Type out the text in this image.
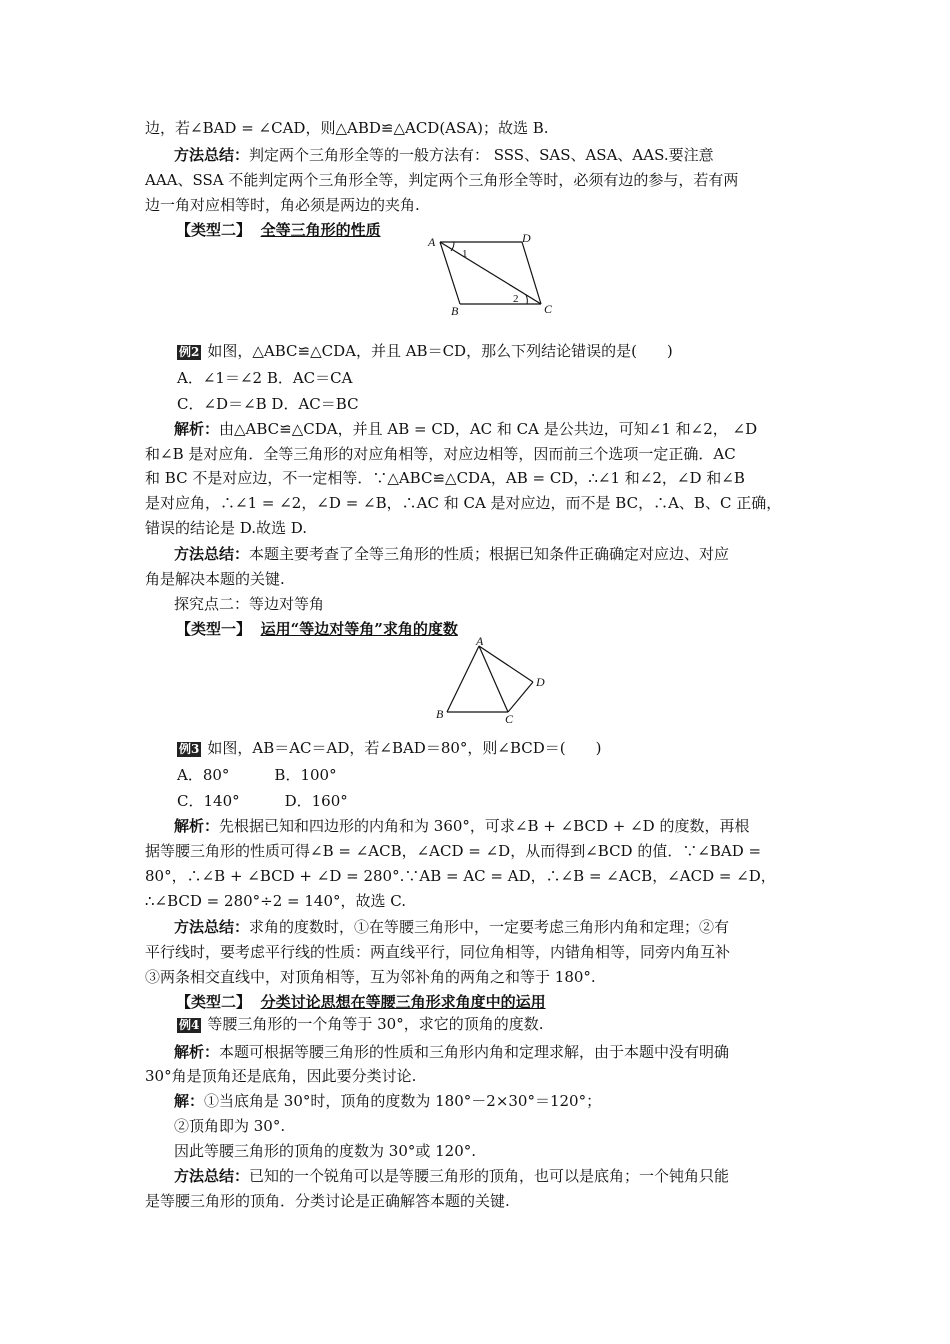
边，若∠BAD = ∠CAD，则△ABD≌△ACD(ASA)；故选 B.
方法总结：判定两个三角形全等的一般方法有： SSS、SAS、ASA、AAS.要注意
AAA、SSA 不能判定两个三角形全等，判定两个三角形全等时，必须有边的参与，若有两
边一角对应相等时，角必须是两边的夹角.
【类型二】 全等三角形的性质
A	D
B	C
1
2
例2 如图，△ABC≌△CDA，并且 AB＝CD，那么下列结论错误的是(　　)
A．∠1＝∠2 B．AC＝CA
C．∠D＝∠B D．AC＝BC
解析：由△ABC≌△CDA，并且 AB = CD，AC 和 CA 是公共边，可知∠1 和∠2， ∠D
和∠B 是对应角．全等三角形的对应角相等，对应边相等，因而前三个选项一定正确．AC
和 BC 不是对应边，不一定相等．∵△ABC≌△CDA，AB = CD，∴∠1 和∠2，∠D 和∠B
是对应角，∴∠1 = ∠2，∠D = ∠B，∴AC 和 CA 是对应边，而不是 BC，∴A、B、C 正确，
错误的结论是 D.故选 D.
方法总结：本题主要考查了全等三角形的性质；根据已知条件正确确定对应边、对应
角是解决本题的关键.
探究点二：等边对等角
【类型一】 运用“等边对等角”求角的度数
A
B	C
D
例3 如图，AB＝AC＝AD，若∠BAD＝80°，则∠BCD＝(　　)
A．80°　　　B．100°
C．140°　　　D．160°
解析：先根据已知和四边形的内角和为 360°，可求∠B + ∠BCD + ∠D 的度数，再根
据等腰三角形的性质可得∠B = ∠ACB，∠ACD = ∠D，从而得到∠BCD 的值．∵∠BAD =
80°，∴∠B + ∠BCD + ∠D = 280°.∵AB = AC = AD，∴∠B = ∠ACB，∠ACD = ∠D，
∴∠BCD = 280°÷2 = 140°，故选 C.
方法总结：求角的度数时，①在等腰三角形中，一定要考虑三角形内角和定理；②有
平行线时，要考虑平行线的性质：两直线平行，同位角相等，内错角相等，同旁内角互补
③两条相交直线中，对顶角相等，互为邻补角的两角之和等于 180°.
【类型二】 分类讨论思想在等腰三角形求角度中的运用
例4 等腰三角形的一个角等于 30°，求它的顶角的度数.
解析：本题可根据等腰三角形的性质和三角形内角和定理求解，由于本题中没有明确
30°角是顶角还是底角，因此要分类讨论.
解：①当底角是 30°时，顶角的度数为 180°－2×30°＝120°；
②顶角即为 30°.
因此等腰三角形的顶角的度数为 30°或 120°.
方法总结：已知的一个锐角可以是等腰三角形的顶角，也可以是底角；一个钝角只能
是等腰三角形的顶角．分类讨论是正确解答本题的关键.
